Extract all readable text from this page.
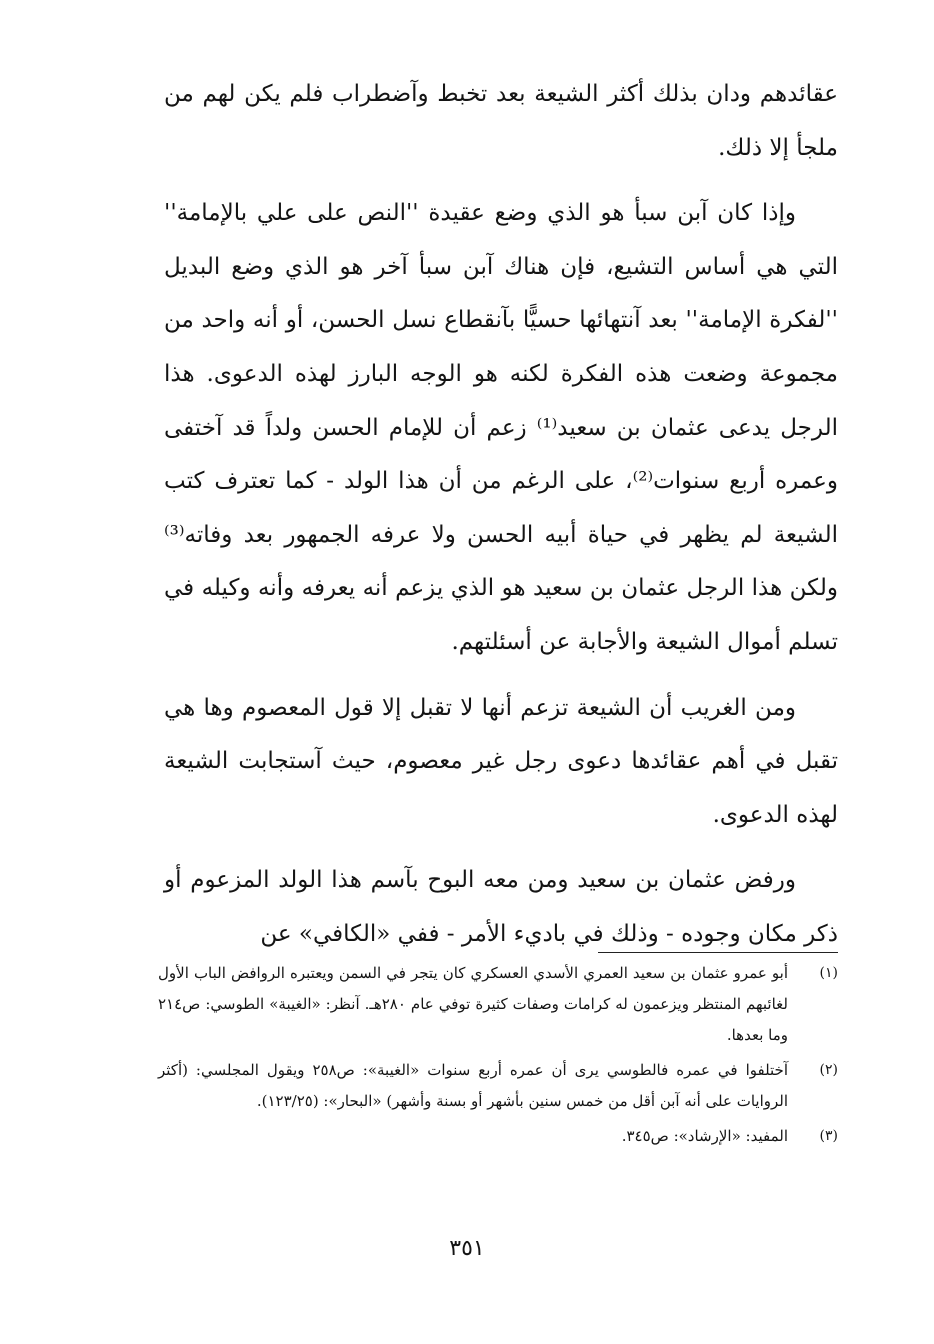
عقائدهم ودان بذلك أكثر الشيعة بعد تخبط وآضطراب فلم يكن لهم من ملجأ إلا ذلك.

وإذا كان آبن سبأ هو الذي وضع عقيدة ''النص على علي بالإمامة'' التي هي أساس التشيع، فإن هناك آبن سبأ آخر هو الذي وضع البديل ''لفكرة الإمامة'' بعد آنتهائها حسيًّا بآنقطاع نسل الحسن، أو أنه واحد من مجموعة وضعت هذه الفكرة لكنه هو الوجه البارز لهذه الدعوى. هذا الرجل يدعى عثمان بن سعيد⁽¹⁾ زعم أن للإمام الحسن ولداً قد آختفى وعمره أربع سنوات⁽²⁾، على الرغم من أن هذا الولد - كما تعترف كتب الشيعة لم يظهر في حياة أبيه الحسن ولا عرفه الجمهور بعد وفاته⁽³⁾ ولكن هذا الرجل عثمان بن سعيد هو الذي يزعم أنه يعرفه وأنه وكيله في تسلم أموال الشيعة والأجابة عن أسئلتهم.

ومن الغريب أن الشيعة تزعم أنها لا تقبل إلا قول المعصوم وها هي تقبل في أهم عقائدها دعوى رجل غير معصوم، حيث آستجابت الشيعة لهذه الدعوى.

ورفض عثمان بن سعيد ومن معه البوح بآسم هذا الولد المزعوم أو ذكر مكان وجوده - وذلك في باديء الأمر - ففي «الكافي» عن

(١)
أبو عمرو عثمان بن سعيد العمري الأسدي العسكري كان يتجر في السمن ويعتبره الروافض الباب الأول لغائبهم المنتظر ويزعمون له كرامات وصفات كثيرة توفي عام ٢٨٠هـ. آنظر: «الغيبة» الطوسي: ص٢١٤ وما بعدها.
(٢)
آختلفوا في عمره فالطوسي يرى أن عمره أربع سنوات «الغيبة»: ص٢٥٨ ويقول المجلسي: (أكثر الروايات على أنه آبن أقل من خمس سنين بأشهر أو بسنة وأشهر) «البحار»: (١٢٣/٢٥).
(٣)
المفيد: «الإرشاد»: ص٣٤٥.
٣٥١
